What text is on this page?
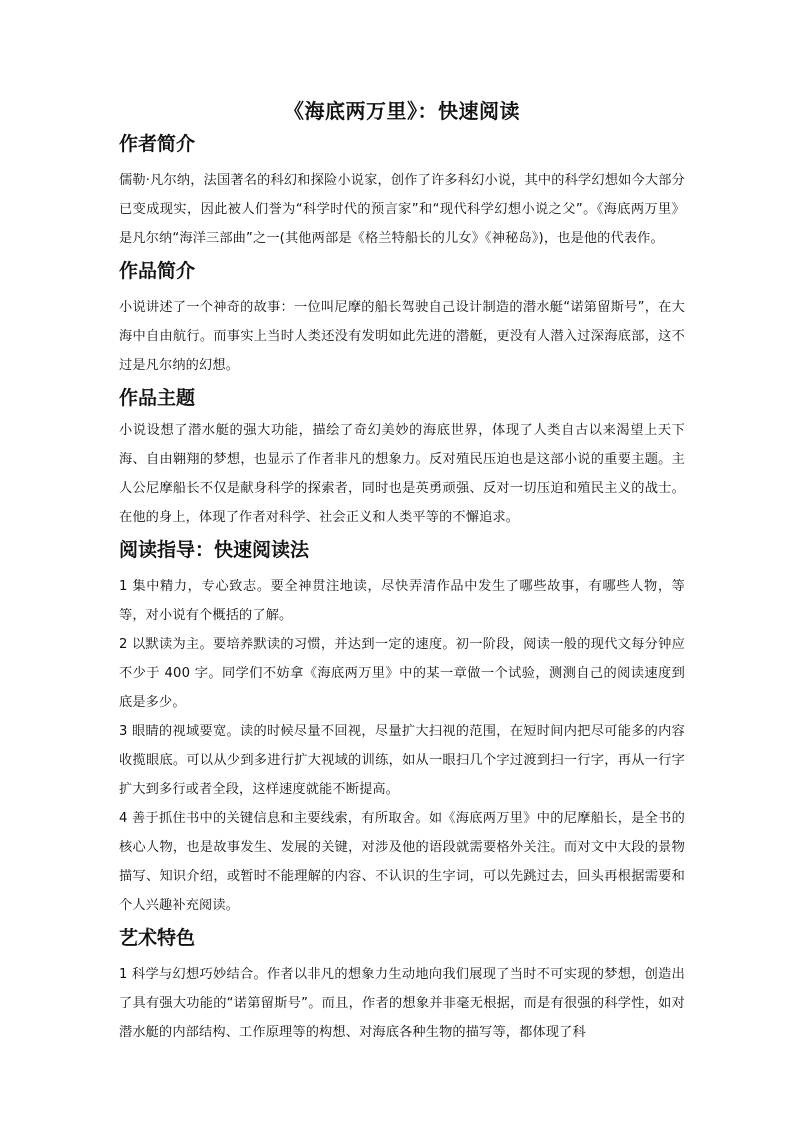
《海底两万里》：快速阅读
作者简介

儒勒·凡尔纳，法国著名的科幻和探险小说家，创作了许多科幻小说，其中的科学幻想如今大部分已变成现实，因此被人们誉为“科学时代的预言家”和“现代科学幻想小说之父”。《海底两万里》是凡尔纳“海洋三部曲”之一(其他两部是《格兰特船长的儿女》《神秘岛》)，也是他的代表作。

作品简介

小说讲述了一个神奇的故事：一位叫尼摩的船长驾驶自己设计制造的潜水艇“诺第留斯号”，在大海中自由航行。而事实上当时人类还没有发明如此先进的潜艇，更没有人潜入过深海底部，这不过是凡尔纳的幻想。

作品主题

小说设想了潜水艇的强大功能，描绘了奇幻美妙的海底世界，体现了人类自古以来渴望上天下海、自由翱翔的梦想，也显示了作者非凡的想象力。反对殖民压迫也是这部小说的重要主题。主人公尼摩船长不仅是献身科学的探索者，同时也是英勇顽强、反对一切压迫和殖民主义的战士。在他的身上，体现了作者对科学、社会正义和人类平等的不懈追求。

阅读指导：快速阅读法

1 集中精力，专心致志。要全神贯注地读，尽快弄清作品中发生了哪些故事，有哪些人物，等等，对小说有个概括的了解。

2 以默读为主。要培养默读的习惯，并达到一定的速度。初一阶段，阅读一般的现代文每分钟应不少于 400 字。同学们不妨拿《海底两万里》中的某一章做一个试验，测测自己的阅读速度到底是多少。

3 眼睛的视域要宽。读的时候尽量不回视，尽量扩大扫视的范围，在短时间内把尽可能多的内容收揽眼底。可以从少到多进行扩大视域的训练，如从一眼扫几个字过渡到扫一行字，再从一行字扩大到多行或者全段，这样速度就能不断提高。

4 善于抓住书中的关键信息和主要线索，有所取舍。如《海底两万里》中的尼摩船长，是全书的核心人物，也是故事发生、发展的关键，对涉及他的语段就需要格外关注。而对文中大段的景物描写、知识介绍，或暂时不能理解的内容、不认识的生字词，可以先跳过去，回头再根据需要和个人兴趣补充阅读。

艺术特色

1 科学与幻想巧妙结合。作者以非凡的想象力生动地向我们展现了当时不可实现的梦想，创造出了具有强大功能的“诺第留斯号”。而且，作者的想象并非毫无根据，而是有很强的科学性，如对潜水艇的内部结构、工作原理等的构想、对海底各种生物的描写等，都体现了科
